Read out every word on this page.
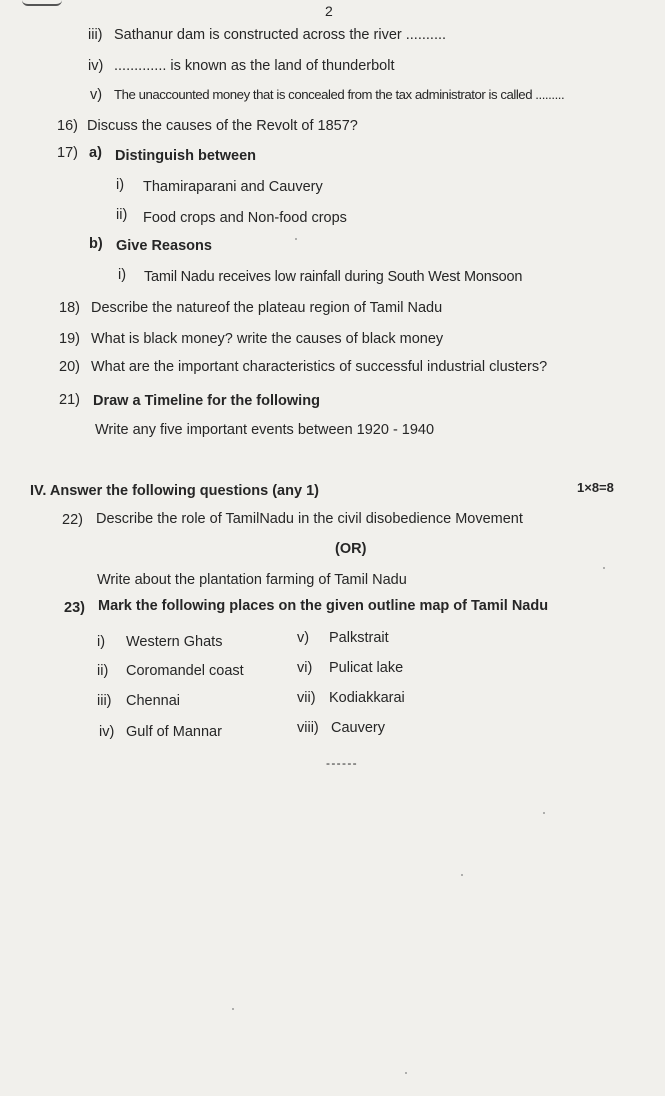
2
iii) Sathanur dam is constructed across the river ..........
iv) ............. is known as the land of thunderbolt
v) The unaccounted money that is concealed from the tax administrator is called .........
16) Discuss the causes of the Revolt of 1857?
17) a) Distinguish between
i) Thamiraparani and Cauvery
ii) Food crops and Non-food crops
b) Give Reasons
i) Tamil Nadu receives low rainfall during South West Monsoon
18) Describe the natureof the plateau region of Tamil Nadu
19) What is black money? write the causes of black money
20) What are the important characteristics of successful industrial clusters?
21) Draw a Timeline for the following
Write any five important events between 1920 - 1940
IV. Answer the following questions (any 1)	1×8=8
22) Describe the role of TamilNadu in the civil disobedience Movement
(OR)
Write about the plantation farming of Tamil Nadu
23) Mark the following places on the given outline map of Tamil Nadu
i) Western Ghats
ii) Coromandel coast
iii) Chennai
iv) Gulf of Mannar
v) Palkstrait
vi) Pulicat lake
vii) Kodiakkarai
viii) Cauvery
- - - - - -
